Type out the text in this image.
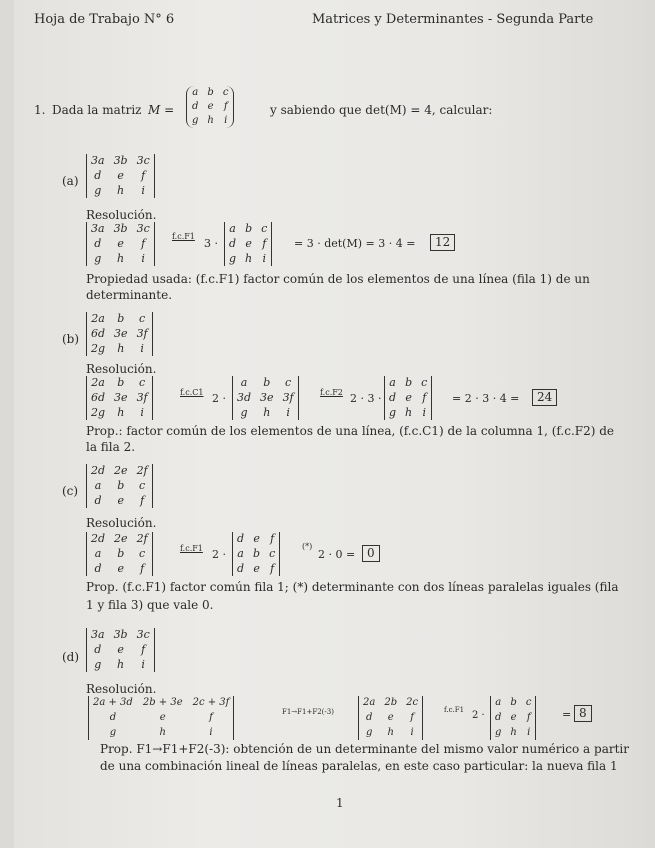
Hoja de Trabajo N° 6	Matrices y Determinantes - Segunda Parte
1. Dada la matriz M =
a b c
d e f
g h i
y sabiendo que det(M) = 4, calcular:
(a)
3a 3b 3c
d	e	f
g	h	i
Resolución.
3a 3b 3c
d	e	f
g	h	i
f.c.F1
3 ·
a b c
d e f
g h i
= 3 · det(M) = 3 · 4 =	12
Propiedad usada: (f.c.F1) factor común de los elementos de una línea (fila 1) de un
determinante.
(b)
2a b c
6d 3e 3f
2g h	i
Resolución.
2a b c
6d 3e 3f
2g h	i
f.c.C1 2 ·
a	b c
3d 3e 3f
g	h	i
f.c.F2 2 · 3 ·
a b c
d e f
g h i
= 2 · 3 · 4 =	24
Prop.: factor común de los elementos de una línea, (f.c.C1) de la columna 1, (f.c.F2) de
la fila 2.
(c)
2d 2e 2f
a	b c
d	e	f
Resolución.
2d 2e 2f
a	b c
d	e	f
f.c.F1 2 ·
d e f
a b c
d e f
(*)
2 · 0 = 0
Prop. (f.c.F1) factor común fila 1; (*) determinante con dos líneas paralelas iguales (fila
1 y fila 3) que vale 0.
(d)
3a 3b 3c
d	e	f
g	h	i
Resolución.
2a + 3d 2b + 3e 2c + 3f
d	e	f
g	h	i
F1→F1+F2(-3)
2a 2b 2c
d	e	f
g	h	i
f.c.F1 2 ·
a b c
d e f
g h i
= 8
Prop. F1→F1+F2(-3): obtención de un determinante del mismo valor numérico a partir
de una combinación lineal de líneas paralelas, en este caso particular: la nueva fila 1
1
